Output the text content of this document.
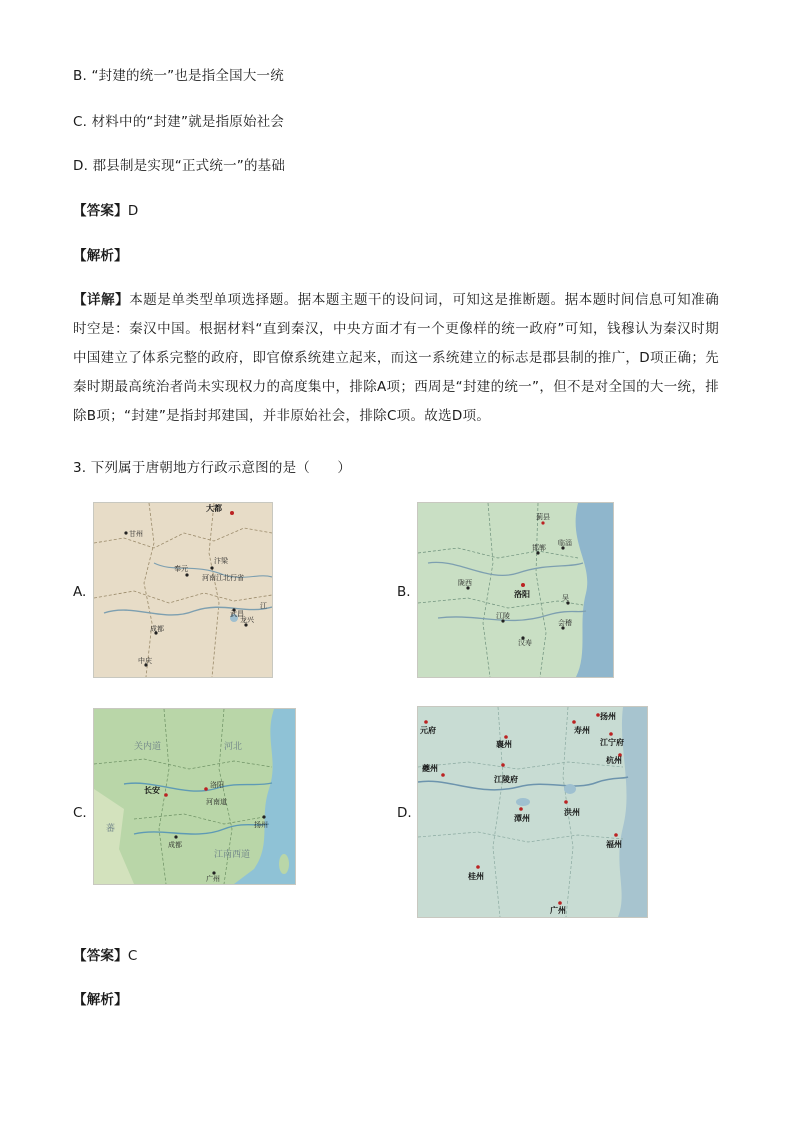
B. “封建的统一”也是指全国大一统
C. 材料中的“封建”就是指原始社会
D. 郡县制是实现“正式统一”的基础
【答案】D
【解析】
【详解】本题是单类型单项选择题。据本题主题干的设问词，可知这是推断题。据本题时间信息可知准确时空是：秦汉中国。根据材料“直到秦汉，中央方面才有一个更像样的统一政府”可知，钱穆认为秦汉时期中国建立了体系完整的政府，即官僚系统建立起来，而这一系统建立的标志是郡县制的推广，D项正确；先秦时期最高统治者尚未实现权力的高度集中，排除A项；西周是“封建的统一”，但不是对全国的大一统，排除B项；“封建”是指封邦建国，并非原始社会，排除C项。故选D项。
3. 下列属于唐朝地方行政示意图的是（　　）
A.
大都
甘州
奉元
汴梁
河南江北行省
成都
武昌
龙兴
江
中庆
B.
蓟县
邯郸
临淄
洛阳
陇西
吴
江陵
汉寿
会稽
C.
关内道	河北
河南道
长安
洛阳
成都
扬州
江南西道
广州
蕃
D.
元府
襄州
扬州
寿州
江宁府
杭州
夔州
江陵府
洪州
潭州
福州
桂州
广州
【答案】C
【解析】
